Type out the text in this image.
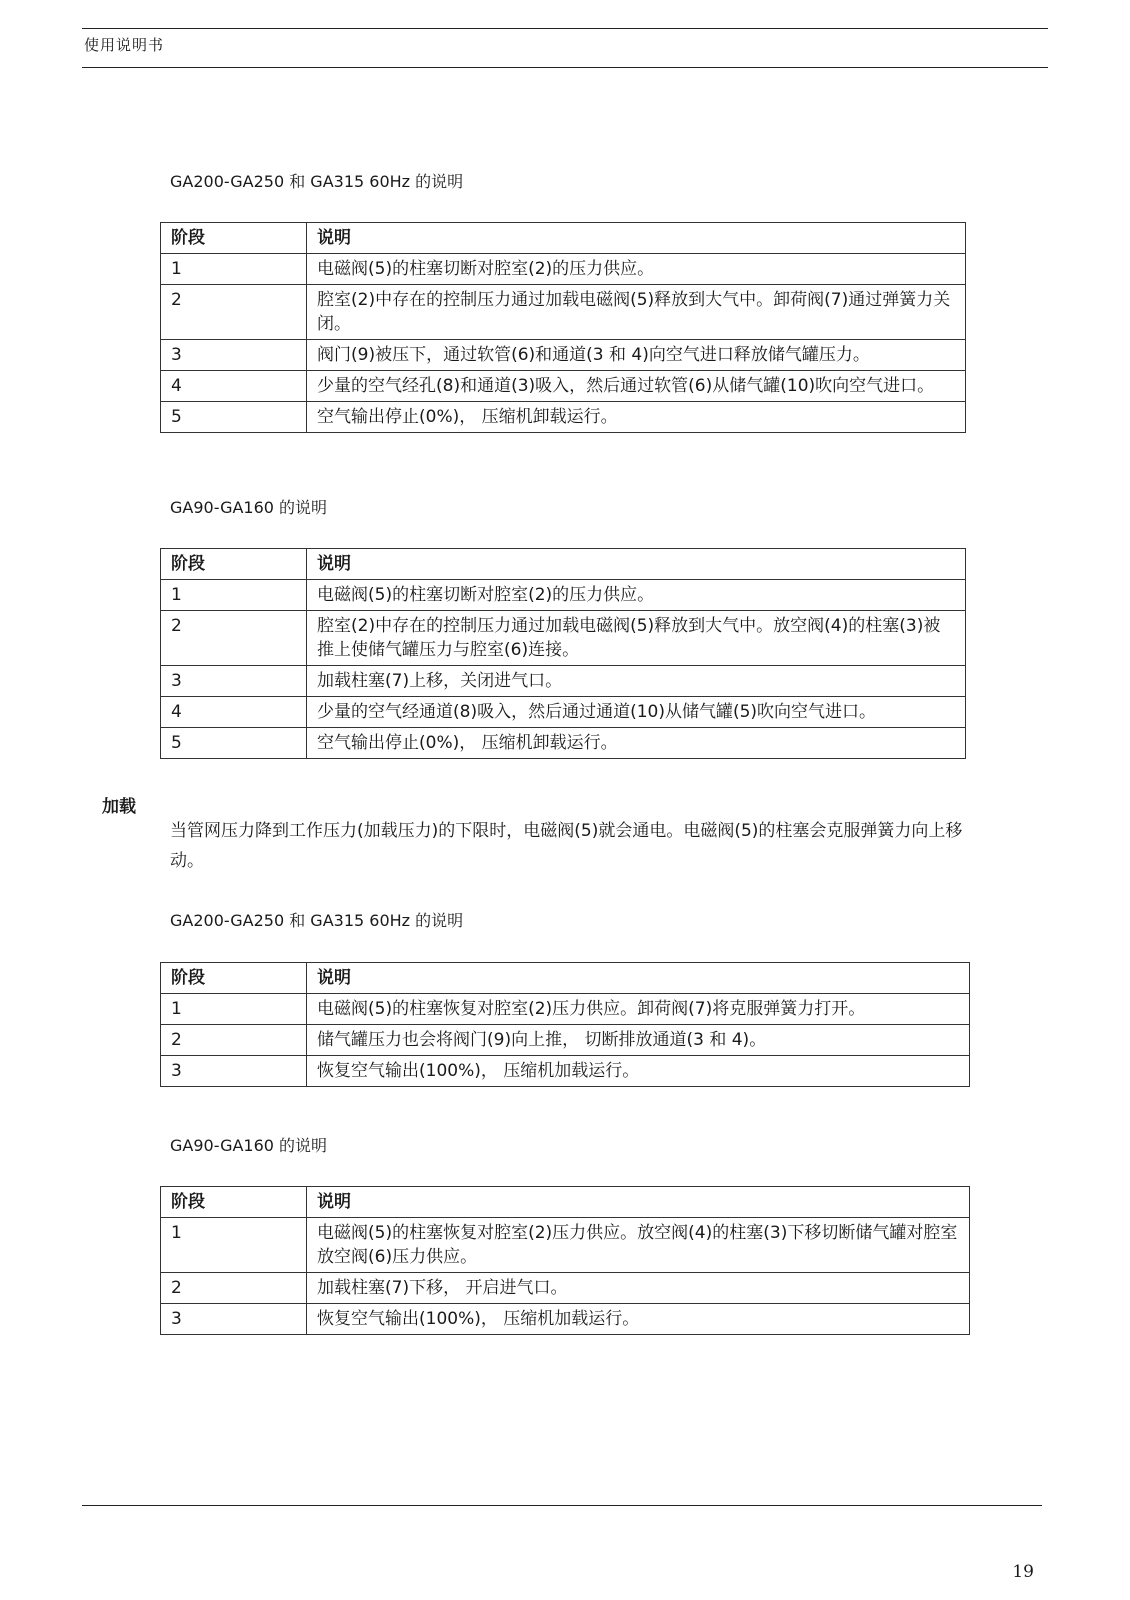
使用说明书
GA200-GA250 和 GA315 60Hz 的说明
阶段	说明
1	电磁阀(5)的柱塞切断对腔室(2)的压力供应。
2	腔室(2)中存在的控制压力通过加载电磁阀(5)释放到大气中。卸荷阀(7)通过弹簧力关闭。
3	阀门(9)被压下，通过软管(6)和通道(3 和 4)向空气进口释放储气罐压力。
4	少量的空气经孔(8)和通道(3)吸入，然后通过软管(6)从储气罐(10)吹向空气进口。
5	空气输出停止(0%)， 压缩机卸载运行。
GA90-GA160 的说明
阶段	说明
1	电磁阀(5)的柱塞切断对腔室(2)的压力供应。
2	腔室(2)中存在的控制压力通过加载电磁阀(5)释放到大气中。放空阀(4)的柱塞(3)被推上使储气罐压力与腔室(6)连接。
3	加载柱塞(7)上移，关闭进气口。
4	少量的空气经通道(8)吸入，然后通过通道(10)从储气罐(5)吹向空气进口。
5	空气输出停止(0%)， 压缩机卸载运行。
加载
当管网压力降到工作压力(加载压力)的下限时，电磁阀(5)就会通电。电磁阀(5)的柱塞会克服弹簧力向上移动。
GA200-GA250 和 GA315 60Hz 的说明
阶段	说明
1	电磁阀(5)的柱塞恢复对腔室(2)压力供应。卸荷阀(7)将克服弹簧力打开。
2	储气罐压力也会将阀门(9)向上推， 切断排放通道(3 和 4)。
3	恢复空气输出(100%)， 压缩机加载运行。
GA90-GA160 的说明
阶段	说明
1	电磁阀(5)的柱塞恢复对腔室(2)压力供应。放空阀(4)的柱塞(3)下移切断储气罐对腔室放空阀(6)压力供应。
2	加载柱塞(7)下移， 开启进气口。
3	恢复空气输出(100%)， 压缩机加载运行。
19
